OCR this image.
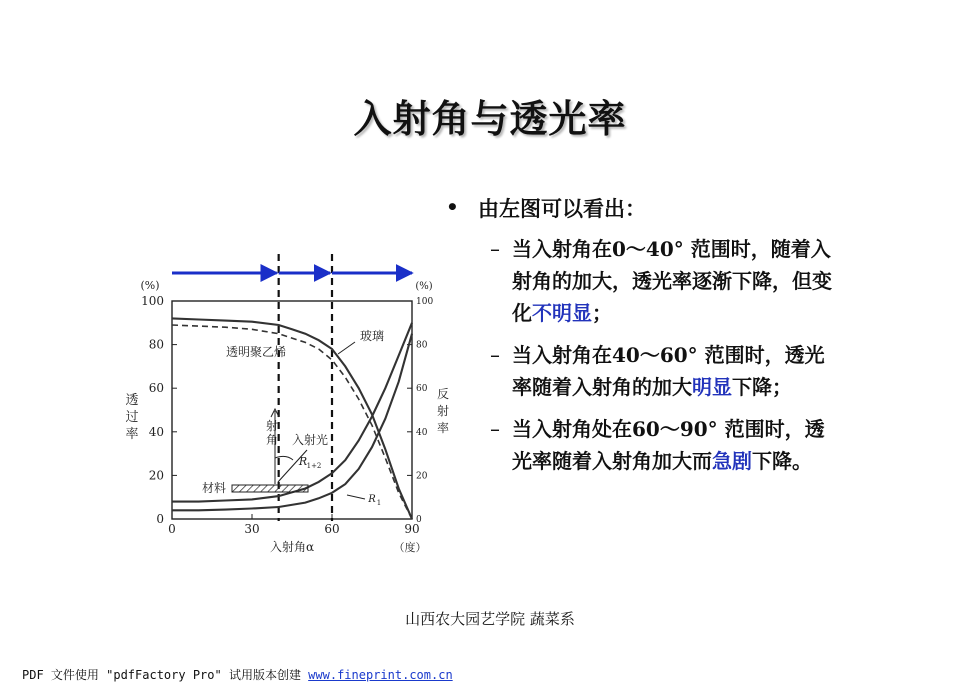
入射角与透光率
0
20
40
60
80
100
0
20
40
60
80
100
0	30	60	90
(%)	(%)
透
过
率
反
射
率
入射角α	（度）
玻璃
透明聚乙烯
R 1+2
R 1
材料
射
角 入射光
• 由左图可以看出：
– 当入射角在0～40° 范围时，随着入射角的加大，透光率逐渐下降，但变化不明显；
– 当入射角在40～60° 范围时，透光率随着入射角的加大明显下降；
– 当入射角处在60～90° 范围时，透光率随着入射角加大而急剧下降。
山西农大园艺学院 蔬菜系
PDF 文件使用 "pdfFactory Pro" 试用版本创建 www.fineprint.com.cn
